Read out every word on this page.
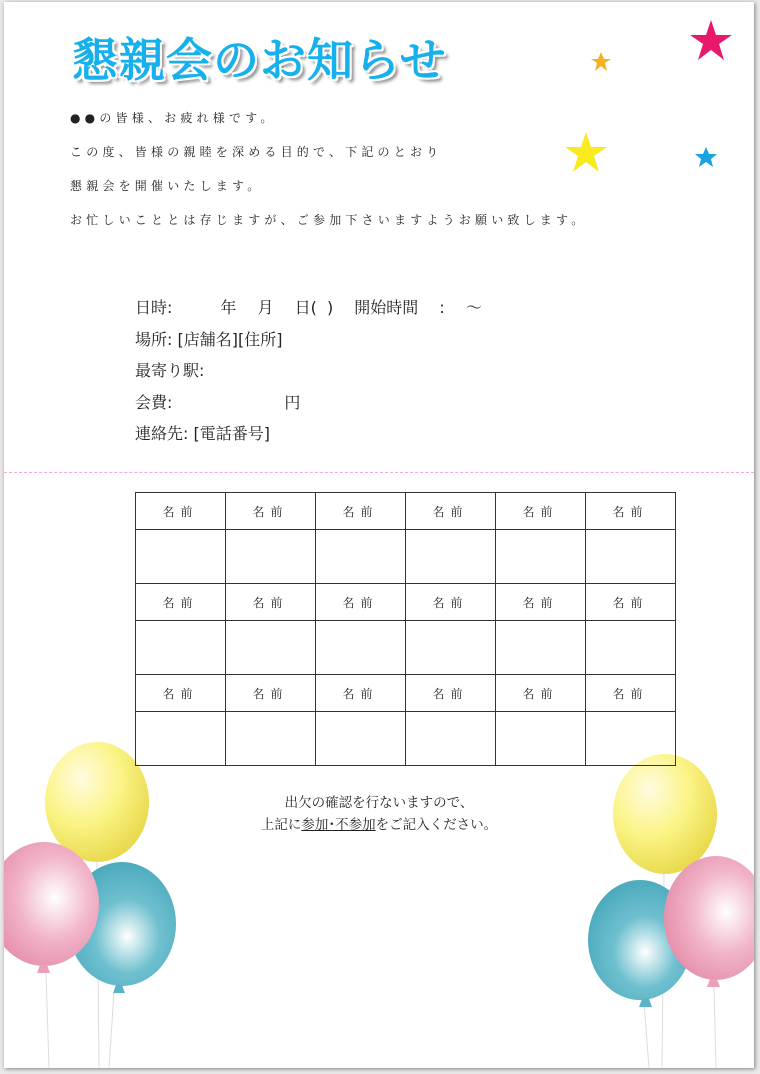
懇親会のお知らせ
●●の皆様、お疲れ様です。
この度、皆様の親睦を深める目的で、下記のとおり
懇親会を開催いたします。
お忙しいこととは存じますが、ご参加下さいますようお願い致します。
日時:　　　年　 月　 日(  )　 開始時間 　:　 ～
場所: [店舗名][住所]
最寄り駅:
会費:　　　　　　　円
連絡先: [電話番号]
名前	名前	名前	名前	名前	名前

名前	名前	名前	名前	名前	名前

名前	名前	名前	名前	名前	名前

出欠の確認を行ないますので、
上記に参加･不参加をご記入ください。
